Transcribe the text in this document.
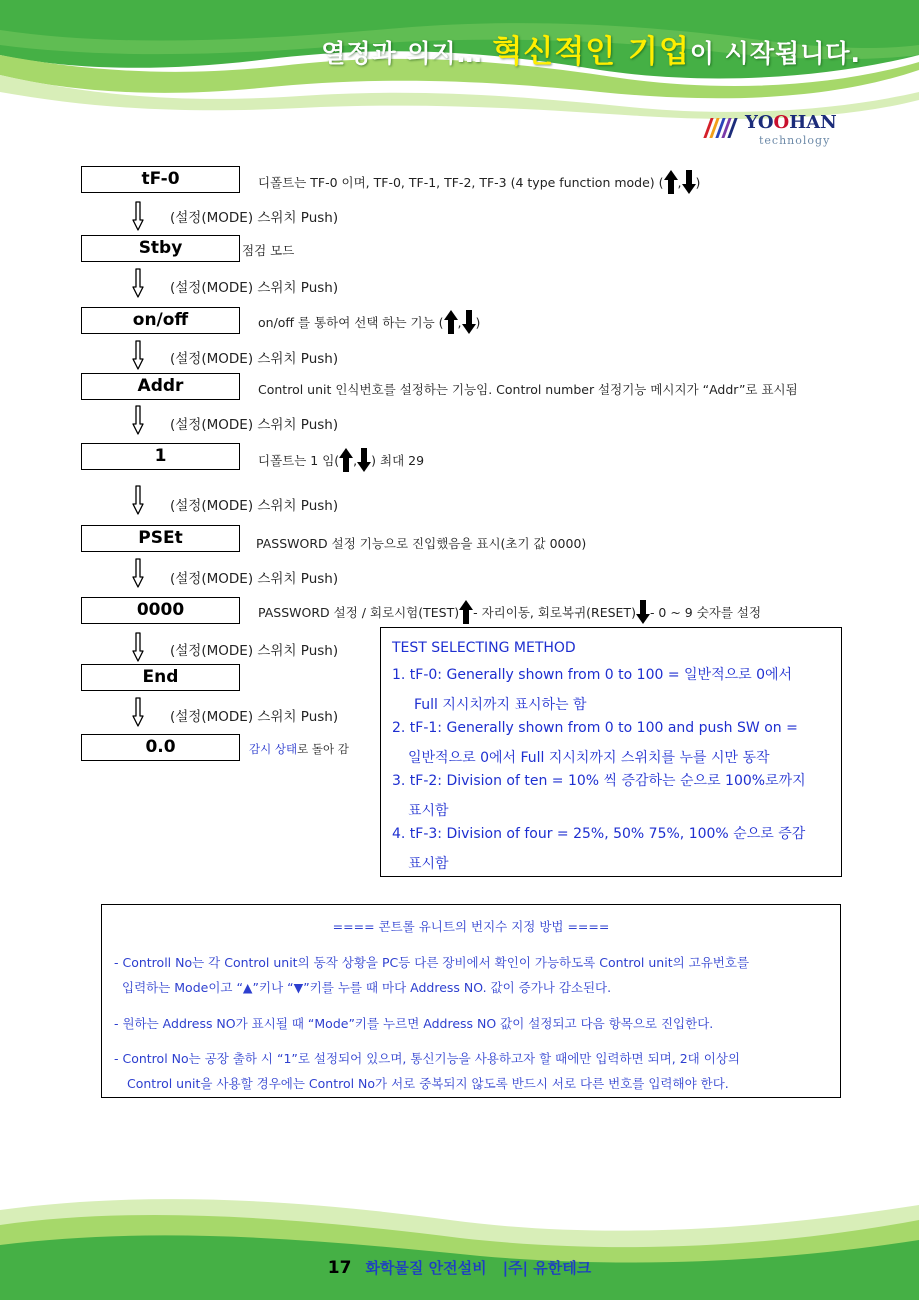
열정과 의지… 혁신적인 기업이 시작됩니다.
YOOHAN
technology
tF-0	디폴트는 TF-0 이며, TF-0, TF-1, TF-2, TF-3 (4 type function mode) ( , )
(설정(MODE) 스위치 Push)
Stby	점검 모드
(설정(MODE) 스위치 Push)
on/off	on/off 를 통하여 선택 하는 기능 ( , )
(설정(MODE) 스위치 Push)
Addr	Control unit 인식번호를 설정하는 기능임. Control number 설정기능 메시지가 “Addr”로 표시됨
(설정(MODE) 스위치 Push)
1	디폴트는 1 임( , ) 최대 29
(설정(MODE) 스위치 Push)
PSEt	PASSWORD 설정 기능으로 진입했음을 표시(초기 값 0000)
(설정(MODE) 스위치 Push)
0000	PASSWORD 설정 / 회로시험(TEST) - 자리이동, 회로복귀(RESET) - 0 ~ 9 숫자를 설정
(설정(MODE) 스위치 Push)
End
(설정(MODE) 스위치 Push)
0.0	감시 상태 로 돌아 감
TEST SELECTING METHOD
1. tF-0: Generally shown from 0 to 100 = 일반적으로 0에서
Full 지시치까지 표시하는 함
2. tF-1: Generally shown from 0 to 100 and push SW on =
일반적으로 0에서 Full 지시치까지 스위치를 누를 시만 동작
3. tF-2: Division of ten = 10% 씩 증감하는 순으로 100%로까지
표시함
4. tF-3: Division of four = 25%, 50% 75%, 100% 순으로 증감
표시함
==== 콘트롤 유니트의 번지수 지정 방법 ====
- Controll No는 각 Control unit의 동작 상황을 PC등 다른 장비에서 확인이 가능하도록 Control unit의 고유번호를
입력하는 Mode이고 “▲”키나 “▼”키를 누를 때 마다 Address NO. 값이 증가나 감소된다.
- 원하는 Address NO가 표시될 때 “Mode”키를 누르면 Address NO 값이 설정되고 다음 항목으로 진입한다.
- Control No는 공장 출하 시 “1”로 설정되어 있으며, 통신기능을 사용하고자 할 때에만 입력하면 되며, 2대 이상의
Control unit을 사용할 경우에는 Control No가 서로 중복되지 않도록 반드시 서로 다른 번호를 입력해야 한다.
17 화학물질 안전설비 |주| 유한테크
